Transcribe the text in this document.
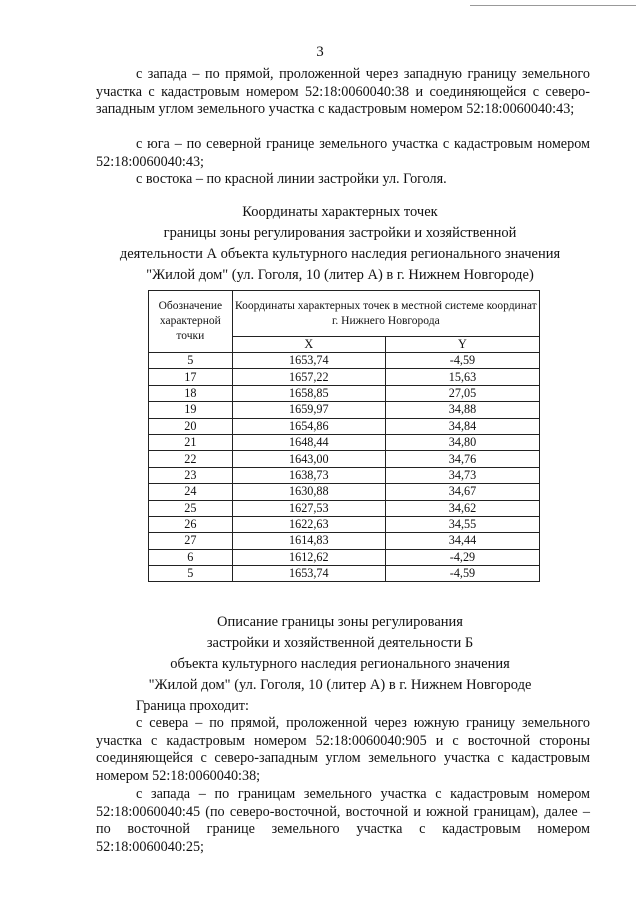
3

с запада – по прямой, проложенной через западную границу земельного участка с кадастровым номером 52:18:0060040:38 и соединяющейся с северо-западным углом земельного участка с кадастровым номером 52:18:0060040:43;

с юга – по северной границе земельного участка с кадастровым номером 52:18:0060040:43;

с востока – по красной линии застройки ул. Гоголя.

Координаты характерных точек
границы зоны регулирования застройки и хозяйственной
деятельности А объекта культурного наследия регионального значения
"Жилой дом" (ул. Гоголя, 10 (литер А) в г. Нижнем Новгороде)
Обозначение характерной точки	Координаты характерных точек в местной системе координат г. Нижнего Новгорода	
	X	Y
5	1653,74	-4,59
17	1657,22	15,63
18	1658,85	27,05
19	1659,97	34,88
20	1654,86	34,84
21	1648,44	34,80
22	1643,00	34,76
23	1638,73	34,73
24	1630,88	34,67
25	1627,53	34,62
26	1622,63	34,55
27	1614,83	34,44
6	1612,62	-4,29
5	1653,74	-4,59
Описание границы зоны регулирования
застройки и хозяйственной деятельности Б
объекта культурного наследия регионального значения
"Жилой дом" (ул. Гоголя, 10 (литер А) в г. Нижнем Новгороде

Граница проходит:

с севера – по прямой, проложенной через южную границу земельного участка с кадастровым номером 52:18:0060040:905 и с восточной стороны соединяющейся с северо-западным углом земельного участка с кадастровым номером 52:18:0060040:38;

с запада – по границам земельного участка с кадастровым номером 52:18:0060040:45 (по северо-восточной, восточной и южной границам), далее – по восточной границе земельного участка с кадастровым номером 52:18:0060040:25;
